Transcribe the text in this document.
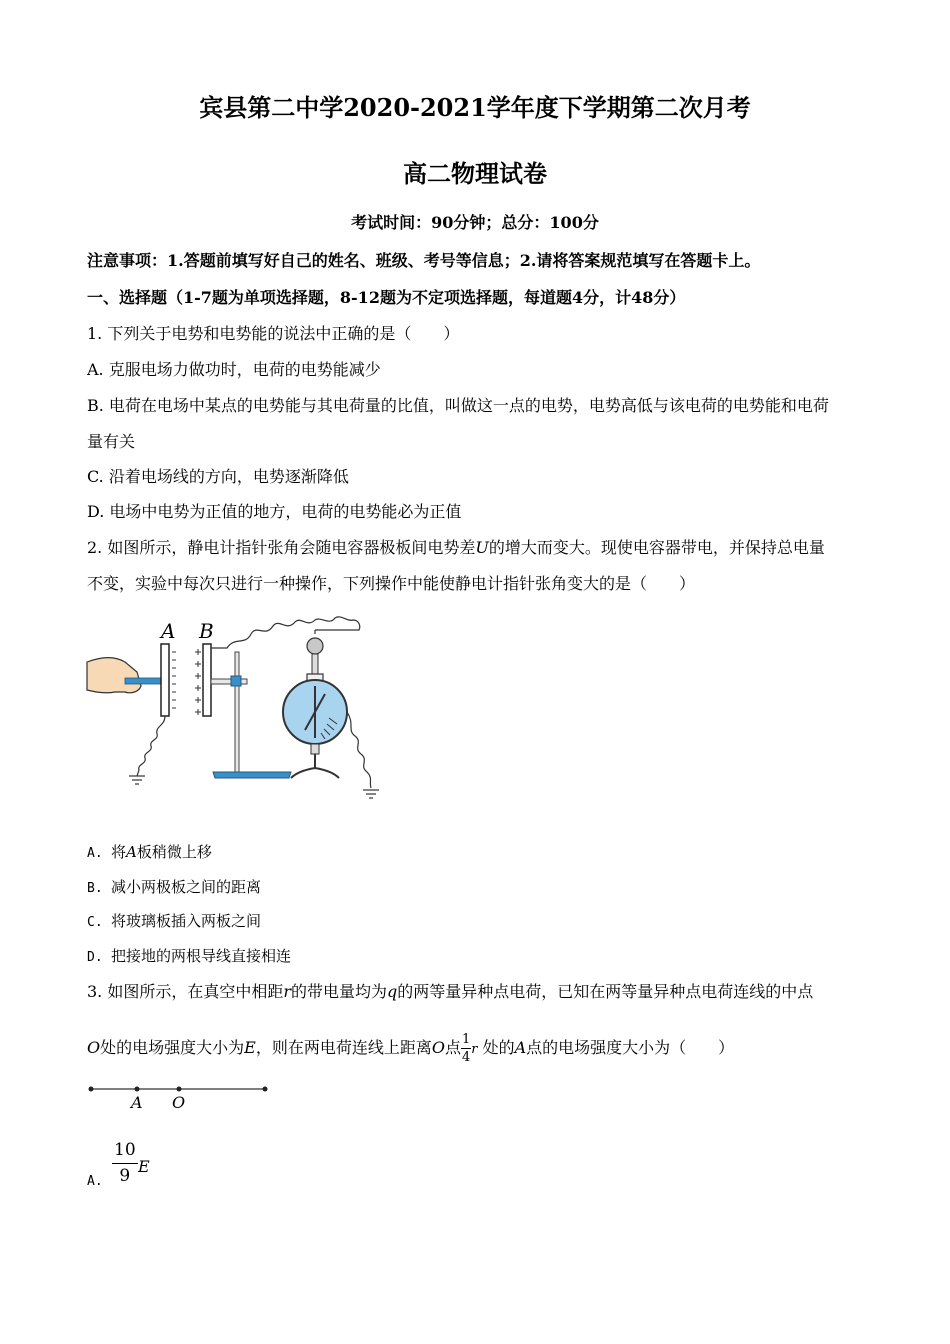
宾县第二中学2020-2021学年度下学期第二次月考
高二物理试卷
考试时间：90分钟；总分：100分
注意事项：1.答题前填写好自己的姓名、班级、考号等信息；2.请将答案规范填写在答题卡上。
一、选择题（1-7题为单项选择题，8-12题为不定项选择题，每道题4分，计48分）
1. 下列关于电势和电势能的说法中正确的是（　　）
A. 克服电场力做功时，电荷的电势能减少
B. 电荷在电场中某点的电势能与其电荷量的比值，叫做这一点的电势，电势高低与该电荷的电势能和电荷
量有关
C. 沿着电场线的方向，电势逐渐降低
D. 电场中电势为正值的地方，电荷的电势能必为正值
2. 如图所示，静电计指针张角会随电容器极板间电势差U的增大而变大。现使电容器带电，并保持总电量
不变，实验中每次只进行一种操作，下列操作中能使静电计指针张角变大的是（　　）
A B
A. 将A板稍微上移
B. 减小两极板之间的距离
C. 将玻璃板插入两板之间
D. 把接地的两根导线直接相连
3. 如图所示，在真空中相距r的带电量均为q的两等量异种点电荷，已知在两等量异种点电荷连线的中点
O处的电场强度大小为E，则在两电荷连线上距离O点 $\frac{1}{4}$ r 处的A点的电场强度大小为（　　）
A O
A. $\frac{10}{9}$ E
